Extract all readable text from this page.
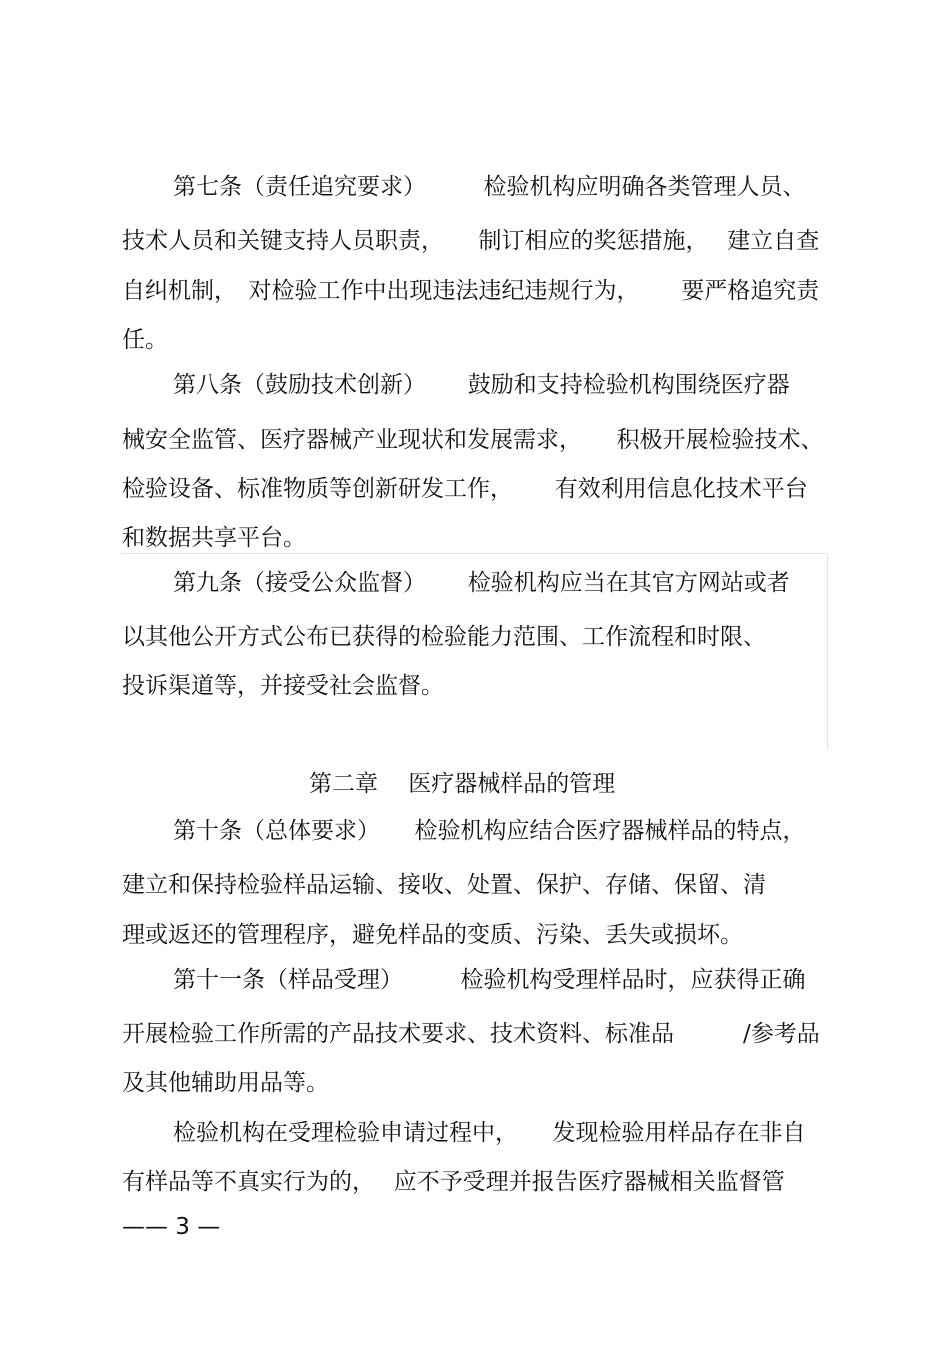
第七条（责任追究要求）　　　检验机构应明确各类管理人员、
技术人员和关键支持人员职责，　　制订相应的奖惩措施，　 建立自查
自纠机制，　对检验工作中出现违法违纪违规行为，　　 要严格追究责
任。
第八条（鼓励技术创新）　　 鼓励和支持检验机构围绕医疗器
械安全监管、医疗器械产业现状和发展需求，　　积极开展检验技术、
检验设备、标准物质等创新研发工作，　　 有效利用信息化技术平台
和数据共享平台。
第九条（接受公众监督）　　 检验机构应当在其官方网站或者
以其他公开方式公布已获得的检验能力范围、工作流程和时限、
投诉渠道等，并接受社会监督。
第二章　 医疗器械样品的管理
第十条（总体要求）　　检验机构应结合医疗器械样品的特点，
建立和保持检验样品运输、接收、处置、保护、存储、保留、清
理或返还的管理程序，避免样品的变质、污染、丢失或损坏。
第十一条（样品受理）　　　检验机构受理样品时，应获得正确
开展检验工作所需的产品技术要求、技术资料、标准品　　　/参考品
及其他辅助用品等。
检验机构在受理检验申请过程中，　　发现检验用样品存在非自
有样品等不真实行为的，　 应不予受理并报告医疗器械相关监督管
—— 3 —
